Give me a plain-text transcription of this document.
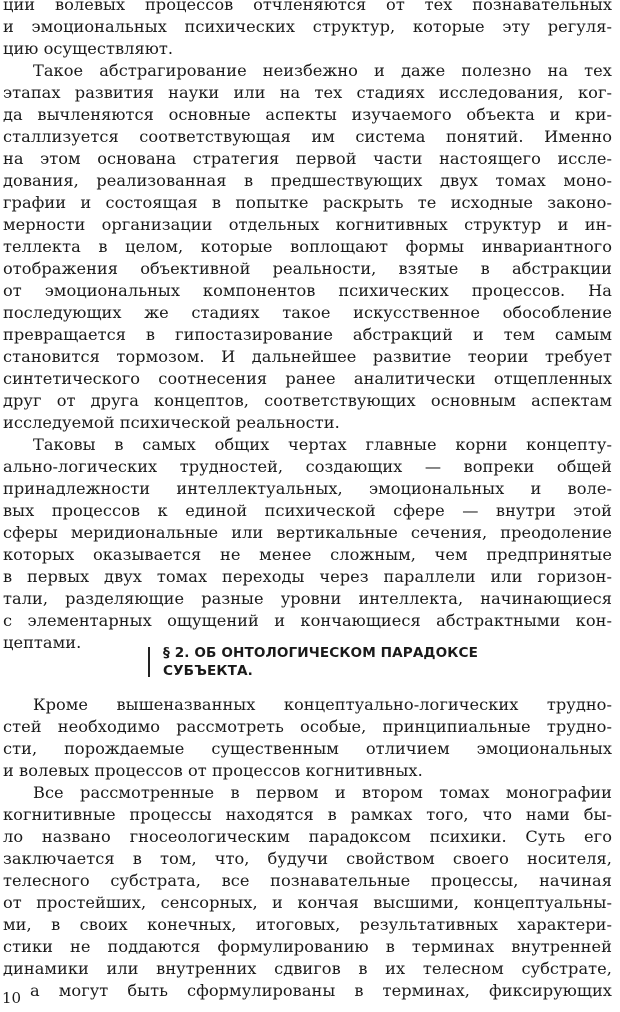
ции волевых процессов отчленяются от тех познавательных
и эмоциональных психических структур, которые эту регуля-
цию осуществляют.
Такое абстрагирование неизбежно и даже полезно на тех
этапах развития науки или на тех стадиях исследования, ког-
да вычленяются основные аспекты изучаемого объекта и кри-
сталлизуется соответствующая им система понятий. Именно
на этом основана стратегия первой части настоящего иссле-
дования, реализованная в предшествующих двух томах моно-
графии и состоящая в попытке раскрыть те исходные законо-
мерности организации отдельных когнитивных структур и ин-
теллекта в целом, которые воплощают формы инвариантного
отображения объективной реальности, взятые в абстракции
от эмоциональных компонентов психических процессов. На
последующих же стадиях такое искусственное обособление
превращается в гипостазирование абстракций и тем самым
становится тормозом. И дальнейшее развитие теории требует
синтетического соотнесения ранее аналитически отщепленных
друг от друга концептов, соответствующих основным аспектам
исследуемой психической реальности.
Таковы в самых общих чертах главные корни концепту-
ально-логических трудностей, создающих — вопреки общей
принадлежности интеллектуальных, эмоциональных и воле-
вых процессов к единой психической сфере — внутри этой
сферы меридиональные или вертикальные сечения, преодоление
которых оказывается не менее сложным, чем предпринятые
в первых двух томах переходы через параллели или горизон-
тали, разделяющие разные уровни интеллекта, начинающиеся
с элементарных ощущений и кончающиеся абстрактными кон-
цептами.
§ 2. ОБ ОНТОЛОГИЧЕСКОМ ПАРАДОКСЕ
СУБЪЕКТА.
Кроме вышеназванных концептуально-логических трудно-
стей необходимо рассмотреть особые, принципиальные трудно-
сти, порождаемые существенным отличием эмоциональных
и волевых процессов от процессов когнитивных.
Все рассмотренные в первом и втором томах монографии
когнитивные процессы находятся в рамках того, что нами бы-
ло названо гносеологическим парадоксом психики. Суть его
заключается в том, что, будучи свойством своего носителя,
телесного субстрата, все познавательные процессы, начиная
от простейших, сенсорных, и кончая высшими, концептуальны-
ми, в своих конечных, итоговых, результативных характери-
стики не поддаются формулированию в терминах внутренней
динамики или внутренних сдвигов в их телесном субстрате,
а могут быть сформулированы в терминах, фиксирующих
10
